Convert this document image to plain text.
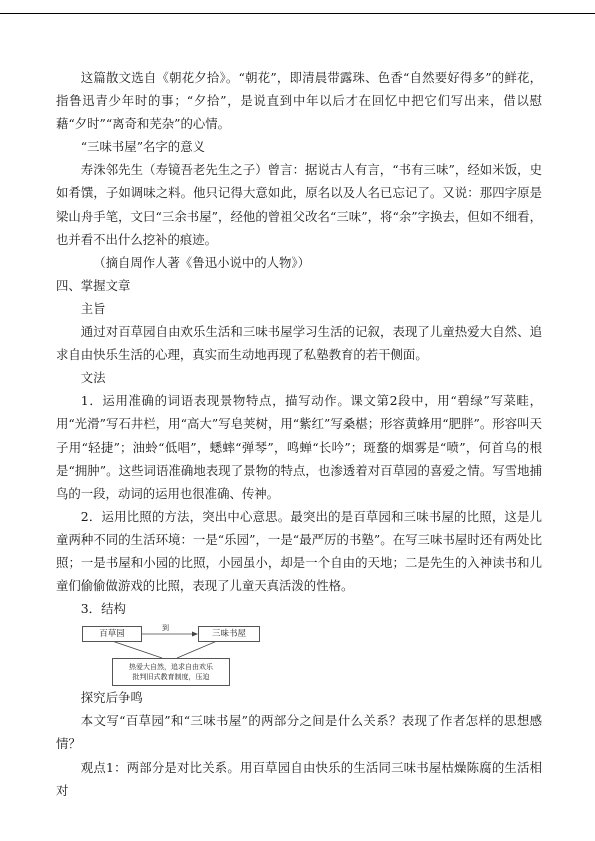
这篇散文选自《朝花夕拾》。“朝花”，即清晨带露珠、色香“自然要好得多”的鲜花，指鲁迅青少年时的事；“夕拾”，是说直到中年以后才在回忆中把它们写出来，借以慰藉“夕时”“离奇和芜杂”的心情。

“三味书屋”名字的意义

寿洙邻先生（寿镜吾老先生之子）曾言：据说古人有言，“书有三味”，经如米饭，史如肴馔，子如调味之料。他只记得大意如此，原名以及人名已忘记了。又说：那四字原是梁山舟手笔，文曰“三余书屋”，经他的曾祖父改名“三味”，将“余”字换去，但如不细看，也并看不出什么挖补的痕迹。

（摘自周作人著《鲁迅小说中的人物》）

四、掌握文章

主旨

通过对百草园自由欢乐生活和三味书屋学习生活的记叙，表现了儿童热爱大自然、追求自由快乐生活的心理，真实而生动地再现了私塾教育的若干侧面。

文法

1．运用准确的词语表现景物特点，描写动作。课文第2段中，用“碧绿”写菜畦，用“光滑”写石井栏，用“高大”写皂荚树，用“紫红”写桑椹；形容黄蜂用“肥胖”。形容叫天子用“轻捷”；油蛉“低唱”，蟋蟀“弹琴”，鸣蝉“长吟”；斑蝥的烟雾是“喷”，何首乌的根是“拥肿”。这些词语准确地表现了景物的特点，也渗透着对百草园的喜爱之情。写雪地捕鸟的一段，动词的运用也很准确、传神。

2．运用比照的方法，突出中心意思。最突出的是百草园和三味书屋的比照，这是儿童两种不同的生活环境：一是“乐园”，一是“最严厉的书塾”。在写三味书屋时还有两处比照；一是书屋和小园的比照，小园虽小，却是一个自由的天地；二是先生的入神读书和儿童们偷偷做游戏的比照，表现了儿童天真活泼的性格。

3．结构

百草园
到
三味书屋
热爱大自然，追求自由欢乐
批判旧式教育制度，压迫

探究后争鸣

本文写“百草园”和“三味书屋”的两部分之间是什么关系？表现了作者怎样的思想感情？

观点1：两部分是对比关系。用百草园自由快乐的生活同三味书屋枯燥陈腐的生活相对
